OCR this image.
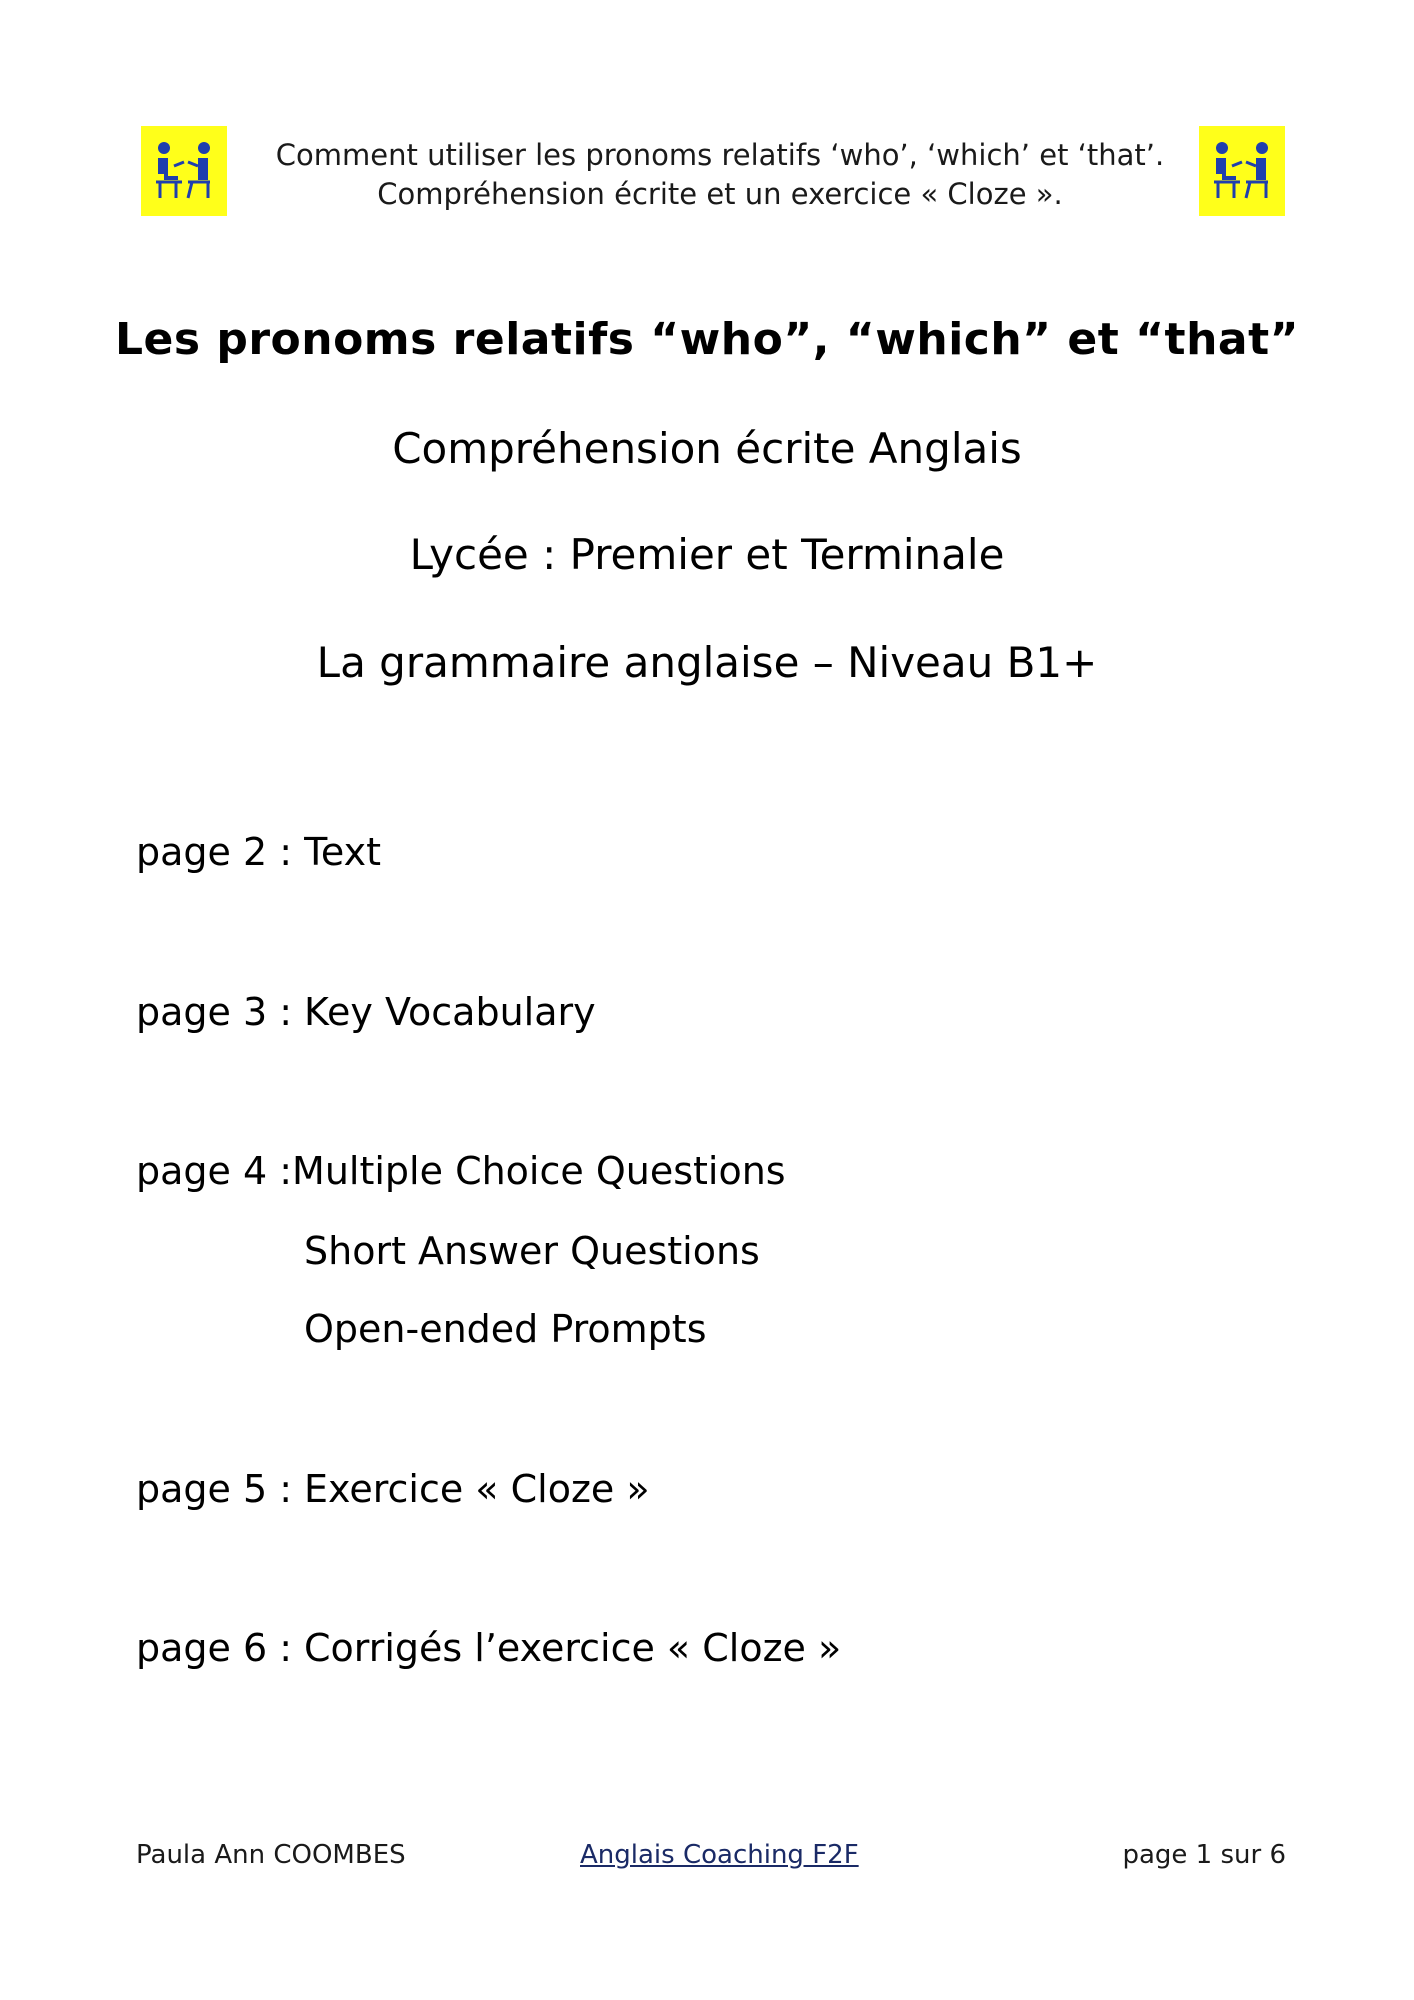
Comment utiliser les pronoms relatifs ‘who’, ‘which’ et ‘that’.
Compréhension écrite et un exercice « Cloze ».
Les pronoms relatifs “who”, “which” et “that”
Compréhension écrite Anglais
Lycée : Premier et Terminale
La grammaire anglaise – Niveau B1+
page 2 : Text
page 3 : Key Vocabulary
page 4 :Multiple Choice Questions
Short Answer Questions
Open-ended Prompts
page 5 : Exercice « Cloze »
page 6 : Corrigés l’exercice « Cloze »
Paula Ann COOMBES	Anglais Coaching F2F	page 1 sur 6
